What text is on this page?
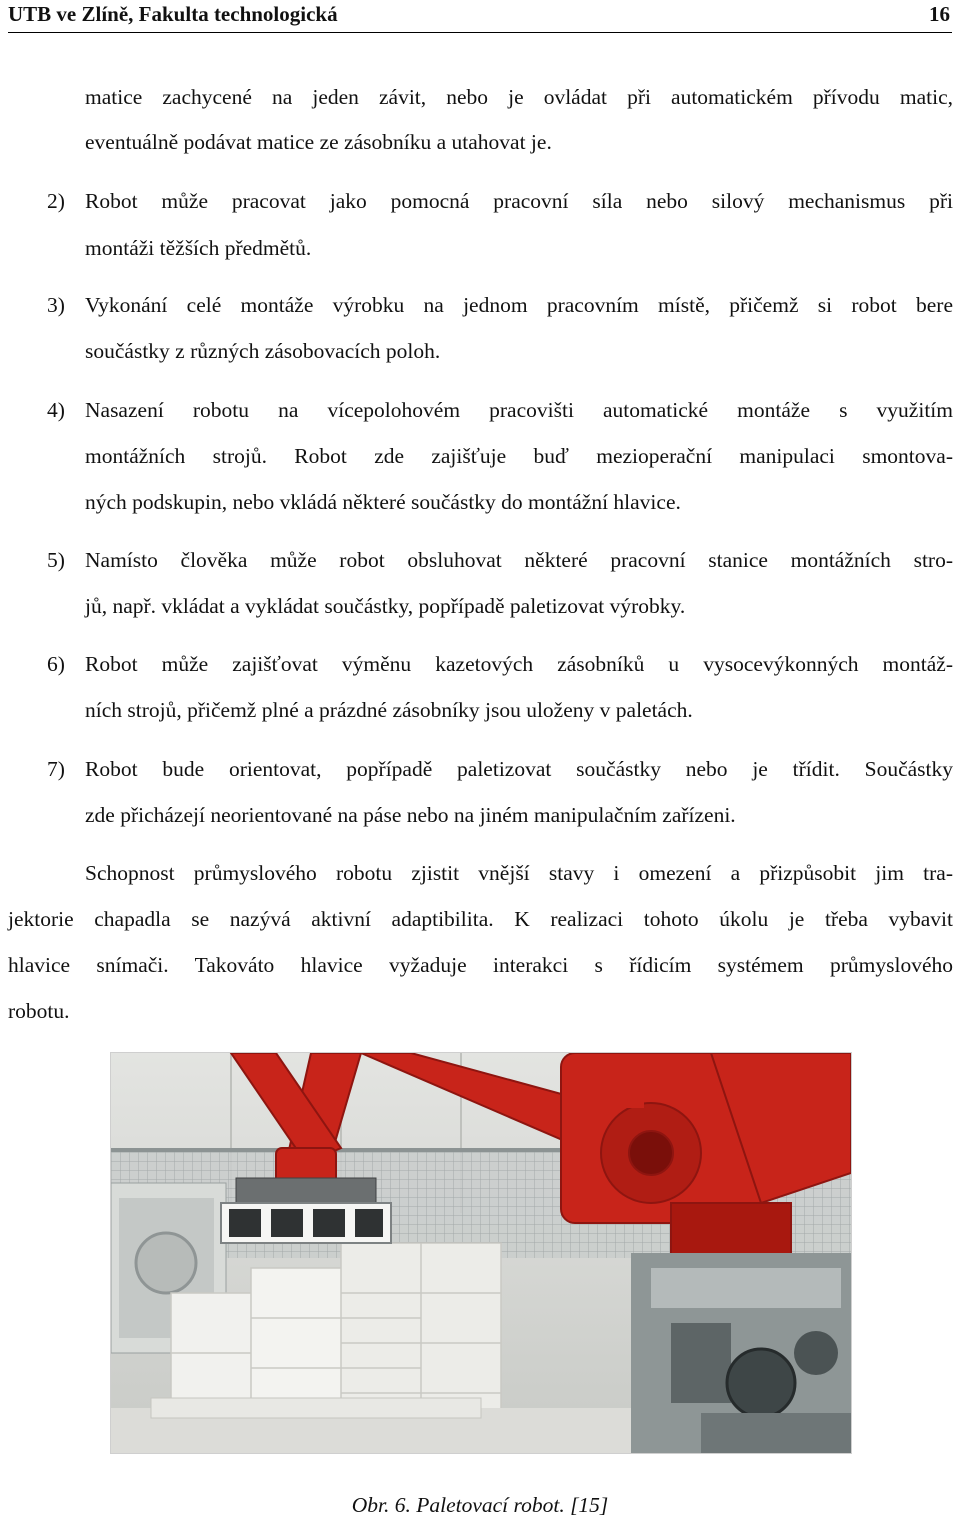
UTB ve Zlíně, Fakulta technologická	16
matice zachycené na jeden závit, nebo je ovládat při automatickém přívodu matic,
eventuálně podávat matice ze zásobníku a utahovat je.
2) Robot může pracovat jako pomocná pracovní síla nebo silový mechanismus při
montáži těžších předmětů.
3) Vykonání celé montáže výrobku na jednom pracovním místě, přičemž si robot bere
součástky z různých zásobovacích poloh.
4) Nasazení robotu na vícepolohovém pracovišti automatické montáže s využitím
montážních strojů. Robot zde zajišťuje buď mezioperační manipulaci smontova-
ných podskupin, nebo vkládá některé součástky do montážní hlavice.
5) Namísto člověka může robot obsluhovat některé pracovní stanice montážních stro-
jů, např. vkládat a vykládat součástky, popřípadě paletizovat výrobky.
6) Robot může zajišťovat výměnu kazetových zásobníků u vysocevýkonných montáž-
ních strojů, přičemž plné a prázdné zásobníky jsou uloženy v paletách.
7) Robot bude orientovat, popřípadě paletizovat součástky nebo je třídit. Součástky
zde přicházejí neorientované na páse nebo na jiném manipulačním zařízeni.
Schopnost průmyslového robotu zjistit vnější stavy i omezení a přizpůsobit jim tra-
jektorie chapadla se nazývá aktivní adaptibilita. K realizaci tohoto úkolu je třeba vybavit
hlavice snímači. Takováto hlavice vyžaduje interakci s řídicím systémem průmyslového
robotu.
Obr. 6. Paletovací robot. [15]
